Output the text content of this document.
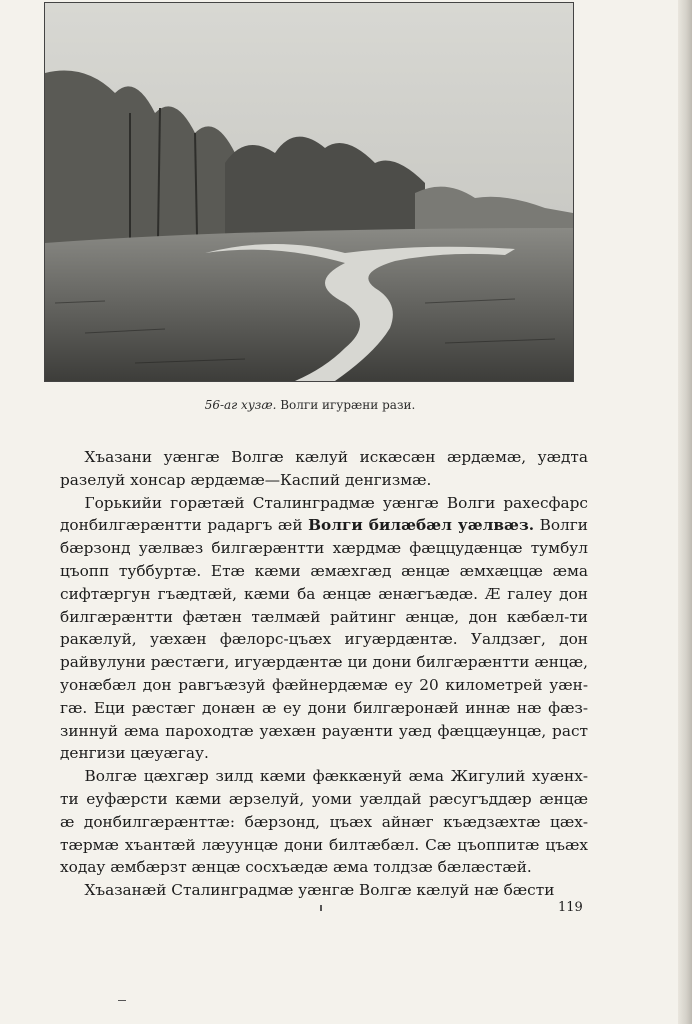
56-аг хузæ. Волги игурæни рази.

Хъазани уæнгæ Волгæ кæлуй искæсæн æрдæмæ, уæдта разелуй хонсар æрдæмæ—Каспий денгизмæ.

Горькийи горæтæй Сталинградмæ уæнгæ Волги рахесфарс донбилгæрæнтти радаргъ æй Волги билæбæл уæлвæз. Волги бæрзонд уæлвæз билгæрæнтти хæрдмæ фæццудæнцæ тумбул цъопп туббуртæ. Етæ кæми æмæхгæд æнцæ æмхæццæ æма сифтæргун гъæдтæй, кæми ба æнцæ æнæгъæдæ. Æ галеу дон билгæрæнтти фæтæн тæлмæй райтинг æнцæ, дон кæбæл-ти ракæлуй, уæхæн фæлорс-цъæх игуæрдæнтæ. Уалдзæг, дон райвулуни рæстæги, игуæрдæнтæ ци дони билгæрæнтти æнцæ, уонæбæл дон равгъæзуй фæйнердæмæ еу 20 километрей уæн-гæ. Еци рæстæг донæн æ еу дони билгæронæй иннæ нæ фæз-зиннуй æма пароходтæ уæхæн рауæнти уæд фæццæунцæ, раст денгизи цæуæгау.

Волгæ цæхгæр зилд кæми фæккæнуй æма Жигулий хуæнх-ти еуфæрсти кæми æрзелуй, уоми уæлдай рæсугъддæр æнцæ æ донбилгæрæнттæ: бæрзонд, цъæх айнæг къæдзæхтæ цæх-тæрмæ хъантæй лæуунцæ дони билтæбæл. Сæ цъоппитæ цъæх ходау æмбæрзт æнцæ сосхъæдæ æма толдзæ бæлæстæй.

Хъазанæй Сталинградмæ уæнгæ Волгæ кæлуй нæ бæсти

119
